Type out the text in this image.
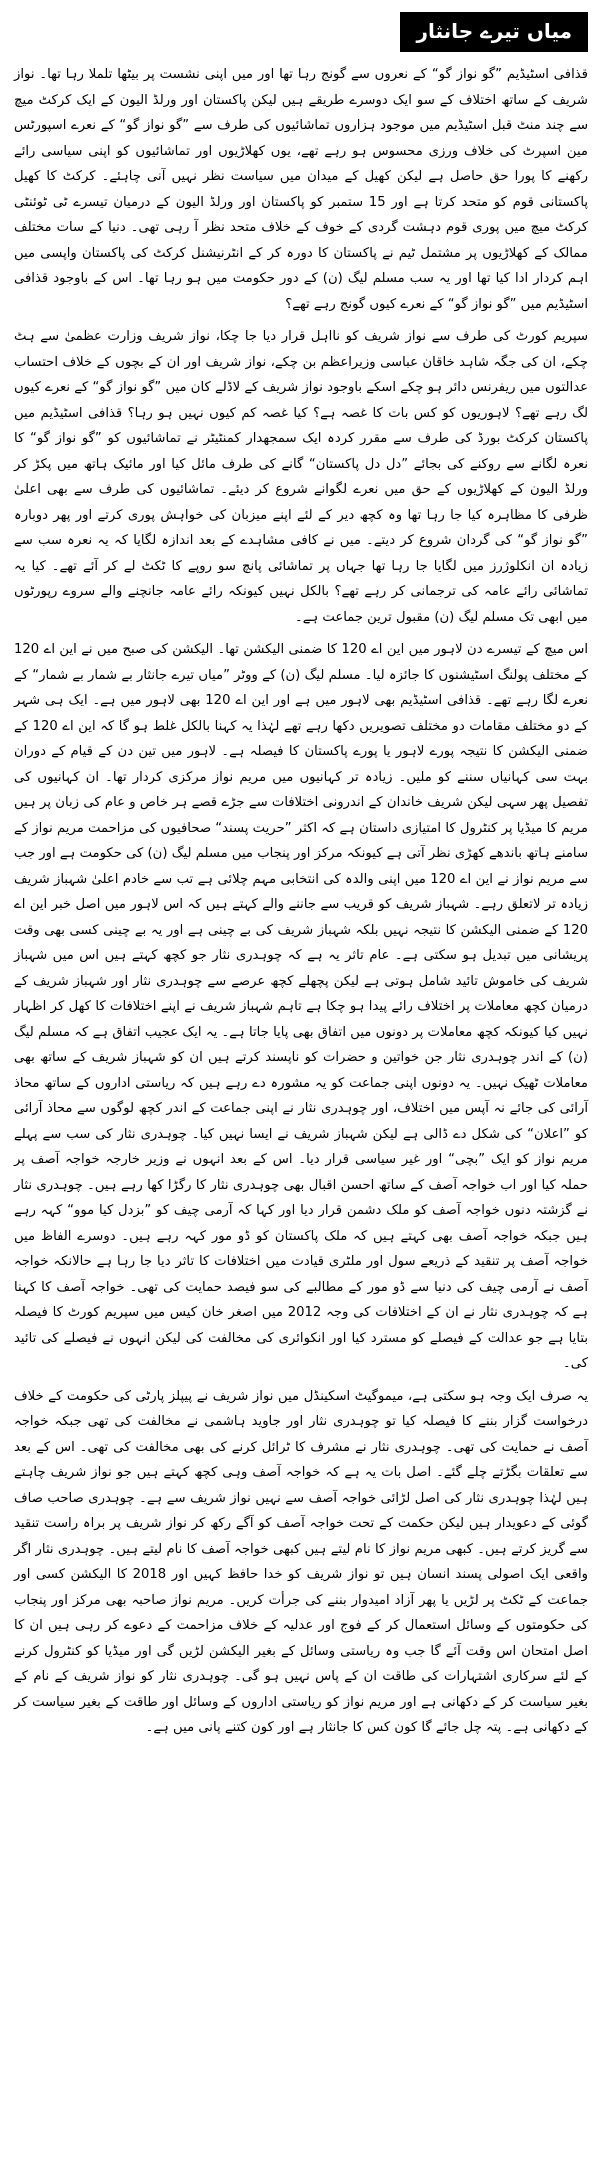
میاں تیرے جانثار

قذافی اسٹیڈیم ”گو نواز گو“ کے نعروں سے گونج رہا تھا اور میں اپنی نشست پر بیٹھا تلملا رہا تھا۔ نواز شریف کے ساتھ اختلاف کے سو ایک دوسرے طریقے ہیں لیکن پاکستان اور ورلڈ الیون کے ایک کرکٹ میچ سے چند منٹ قبل اسٹیڈیم میں موجود ہزاروں تماشائیوں کی طرف سے ”گو نواز گو“ کے نعرے اسپورٹس مین اسپرٹ کی خلاف ورزی محسوس ہو رہے تھے، یوں کھلاڑیوں اور تماشائیوں کو اپنی سیاسی رائے رکھنے کا پورا حق حاصل ہے لیکن کھیل کے میدان میں سیاست نظر نہیں آنی چاہئے۔ کرکٹ کا کھیل پاکستانی قوم کو متحد کرتا ہے اور 15 ستمبر کو پاکستان اور ورلڈ الیون کے درمیان تیسرے ٹی ٹوئنٹی کرکٹ میچ میں پوری قوم دہشت گردی کے خوف کے خلاف متحد نظر آ رہی تھی۔ دنیا کے سات مختلف ممالک کے کھلاڑیوں پر مشتمل ٹیم نے پاکستان کا دورہ کر کے انٹرنیشنل کرکٹ کی پاکستان واپسی میں اہم کردار ادا کیا تھا اور یہ سب مسلم لیگ (ن) کے دور حکومت میں ہو رہا تھا۔ اس کے باوجود قذافی اسٹیڈیم میں ”گو نواز گو“ کے نعرے کیوں گونج رہے تھے؟

سپریم کورٹ کی طرف سے نواز شریف کو نااہل قرار دیا جا چکا، نواز شریف وزارت عظمیٰ سے ہٹ چکے، ان کی جگہ شاہد خاقان عباسی وزیراعظم بن چکے، نواز شریف اور ان کے بچوں کے خلاف احتساب عدالتوں میں ریفرنس دائر ہو چکے اسکے باوجود نواز شریف کے لاڈلے کان میں ”گو نواز گو“ کے نعرے کیوں لگ رہے تھے؟ لاہوریوں کو کس بات کا غصہ ہے؟ کیا غصہ کم کیوں نہیں ہو رہا؟ قذافی اسٹیڈیم میں پاکستان کرکٹ بورڈ کی طرف سے مقرر کردہ ایک سمجھدار کمنٹیٹر نے تماشائیوں کو ”گو نواز گو“ کا نعرہ لگانے سے روکنے کی بجائے ”دل دل پاکستان“ گانے کی طرف مائل کیا اور مائیک ہاتھ میں پکڑ کر ورلڈ الیون کے کھلاڑیوں کے حق میں نعرے لگوانے شروع کر دیئے۔ تماشائیوں کی طرف سے بھی اعلیٰ ظرفی کا مظاہرہ کیا جا رہا تھا وہ کچھ دیر کے لئے اپنے میزبان کی خواہش پوری کرتے اور پھر دوبارہ ”گو نواز گو“ کی گردان شروع کر دیتے۔ میں نے کافی مشاہدے کے بعد اندازہ لگایا کہ یہ نعرہ سب سے زیادہ ان انکلوژرز میں لگایا جا رہا تھا جہاں پر تماشائی پانچ سو روپے کا ٹکٹ لے کر آئے تھے۔ کیا یہ تماشائی رائے عامہ کی ترجمانی کر رہے تھے؟ بالکل نہیں کیونکہ رائے عامہ جانچنے والے سروے رپورٹوں میں ابھی تک مسلم لیگ (ن) مقبول ترین جماعت ہے۔

اس میچ کے تیسرے دن لاہور میں این اے 120 کا ضمنی الیکشن تھا۔ الیکشن کی صبح میں نے این اے 120 کے مختلف پولنگ اسٹیشنوں کا جائزہ لیا۔ مسلم لیگ (ن) کے ووٹر ”میاں تیرے جانثار بے شمار بے شمار“ کے نعرے لگا رہے تھے۔ قذافی اسٹیڈیم بھی لاہور میں ہے اور این اے 120 بھی لاہور میں ہے۔ ایک ہی شہر کے دو مختلف مقامات دو مختلف تصویریں دکھا رہے تھے لہٰذا یہ کہنا بالکل غلط ہو گا کہ این اے 120 کے ضمنی الیکشن کا نتیجہ پورے لاہور یا پورے پاکستان کا فیصلہ ہے۔ لاہور میں تین دن کے قیام کے دوران بہت سی کہانیاں سننے کو ملیں۔ زیادہ تر کہانیوں میں مریم نواز مرکزی کردار تھا۔ ان کہانیوں کی تفصیل پھر سہی لیکن شریف خاندان کے اندرونی اختلافات سے جڑے قصے ہر خاص و عام کی زبان پر ہیں مریم کا میڈیا پر کنٹرول کا امتیازی داستان ہے کہ اکثر ”حریت پسند“ صحافیوں کی مزاحمت مریم نواز کے سامنے ہاتھ باندھے کھڑی نظر آتی ہے کیونکہ مرکز اور پنجاب میں مسلم لیگ (ن) کی حکومت ہے اور جب سے مریم نواز نے این اے 120 میں اپنی والدہ کی انتخابی مہم چلائی ہے تب سے خادم اعلیٰ شہباز شریف زیادہ تر لاتعلق رہے۔ شہباز شریف کو قریب سے جاننے والے کہتے ہیں کہ اس لاہور میں اصل خبر این اے 120 کے ضمنی الیکشن کا نتیجہ نہیں بلکہ شہباز شریف کی بے چینی ہے اور یہ بے چینی کسی بھی وقت پریشانی میں تبدیل ہو سکتی ہے۔ عام تاثر یہ ہے کہ چوہدری نثار جو کچھ کہتے ہیں اس میں شہباز شریف کی خاموش تائید شامل ہوتی ہے لیکن پچھلے کچھ عرصے سے چوہدری نثار اور شہباز شریف کے درمیان کچھ معاملات پر اختلاف رائے پیدا ہو چکا ہے تاہم شہباز شریف نے اپنے اختلافات کا کھل کر اظہار نہیں کیا کیونکہ کچھ معاملات پر دونوں میں اتفاق بھی پایا جاتا ہے۔ یہ ایک عجیب اتفاق ہے کہ مسلم لیگ (ن) کے اندر چوہدری نثار جن خواتین و حضرات کو ناپسند کرتے ہیں ان کو شہباز شریف کے ساتھ بھی معاملات ٹھیک نہیں۔ یہ دونوں اپنی جماعت کو یہ مشورہ دے رہے ہیں کہ ریاستی اداروں کے ساتھ محاذ آرائی کی جائے نہ آپس میں اختلاف، اور چوہدری نثار نے اپنی جماعت کے اندر کچھ لوگوں سے محاذ آرائی کو ”اعلان“ کی شکل دے ڈالی ہے لیکن شہباز شریف نے ایسا نہیں کیا۔ چوہدری نثار کی سب سے پہلے مریم نواز کو ایک ”بچی“ اور غیر سیاسی قرار دیا۔ اس کے بعد انہوں نے وزیر خارجہ خواجہ آصف پر حملہ کیا اور اب خواجہ آصف کے ساتھ احسن اقبال بھی چوہدری نثار کا رگڑا کھا رہے ہیں۔ چوہدری نثار نے گزشتہ دنوں خواجہ آصف کو ملک دشمن قرار دیا اور کہا کہ آرمی چیف کو ”بزدل کیا موو“ کہہ رہے ہیں جبکہ خواجہ آصف بھی کہتے ہیں کہ ملک پاکستان کو ڈو مور کہہ رہے ہیں۔ دوسرے الفاظ میں خواجہ آصف پر تنقید کے ذریعے سول اور ملٹری قیادت میں اختلافات کا تاثر دیا جا رہا ہے حالانکہ خواجہ آصف نے آرمی چیف کی دنیا سے ڈو مور کے مطالبے کی سو فیصد حمایت کی تھی۔ خواجہ آصف کا کہنا ہے کہ چوہدری نثار نے ان کے اختلافات کی وجہ 2012 میں اصغر خان کیس میں سپریم کورٹ کا فیصلہ بتایا ہے جو عدالت کے فیصلے کو مسترد کیا اور انکوائری کی مخالفت کی لیکن انہوں نے فیصلے کی تائید کی۔

یہ صرف ایک وجہ ہو سکتی ہے، میموگیٹ اسکینڈل میں نواز شریف نے پیپلز پارٹی کی حکومت کے خلاف درخواست گزار بننے کا فیصلہ کیا تو چوہدری نثار اور جاوید ہاشمی نے مخالفت کی تھی جبکہ خواجہ آصف نے حمایت کی تھی۔ چوہدری نثار نے مشرف کا ٹرائل کرنے کی بھی مخالفت کی تھی۔ اس کے بعد سے تعلقات بگڑتے چلے گئے۔ اصل بات یہ ہے کہ خواجہ آصف وہی کچھ کہتے ہیں جو نواز شریف چاہتے ہیں لہٰذا چوہدری نثار کی اصل لڑائی خواجہ آصف سے نہیں نواز شریف سے ہے۔ چوہدری صاحب صاف گوئی کے دعویدار ہیں لیکن حکمت کے تحت خواجہ آصف کو آگے رکھ کر نواز شریف پر براہ راست تنقید سے گریز کرتے ہیں۔ کبھی مریم نواز کا نام لیتے ہیں کبھی خواجہ آصف کا نام لیتے ہیں۔ چوہدری نثار اگر واقعی ایک اصولی پسند انسان ہیں تو نواز شریف کو خدا حافظ کہیں اور 2018 کا الیکشن کسی اور جماعت کے ٹکٹ پر لڑیں یا پھر آزاد امیدوار بننے کی جرأت کریں۔ مریم نواز صاحبہ بھی مرکز اور پنجاب کی حکومتوں کے وسائل استعمال کر کے فوج اور عدلیہ کے خلاف مزاحمت کے دعوے کر رہی ہیں ان کا اصل امتحان اس وقت آئے گا جب وہ ریاستی وسائل کے بغیر الیکشن لڑیں گی اور میڈیا کو کنٹرول کرنے کے لئے سرکاری اشتہارات کی طاقت ان کے پاس نہیں ہو گی۔ چوہدری نثار کو نواز شریف کے نام کے بغیر سیاست کر کے دکھانی ہے اور مریم نواز کو ریاستی اداروں کے وسائل اور طاقت کے بغیر سیاست کر کے دکھانی ہے۔ پتہ چل جائے گا کون کس کا جانثار ہے اور کون کتنے پانی میں ہے۔
